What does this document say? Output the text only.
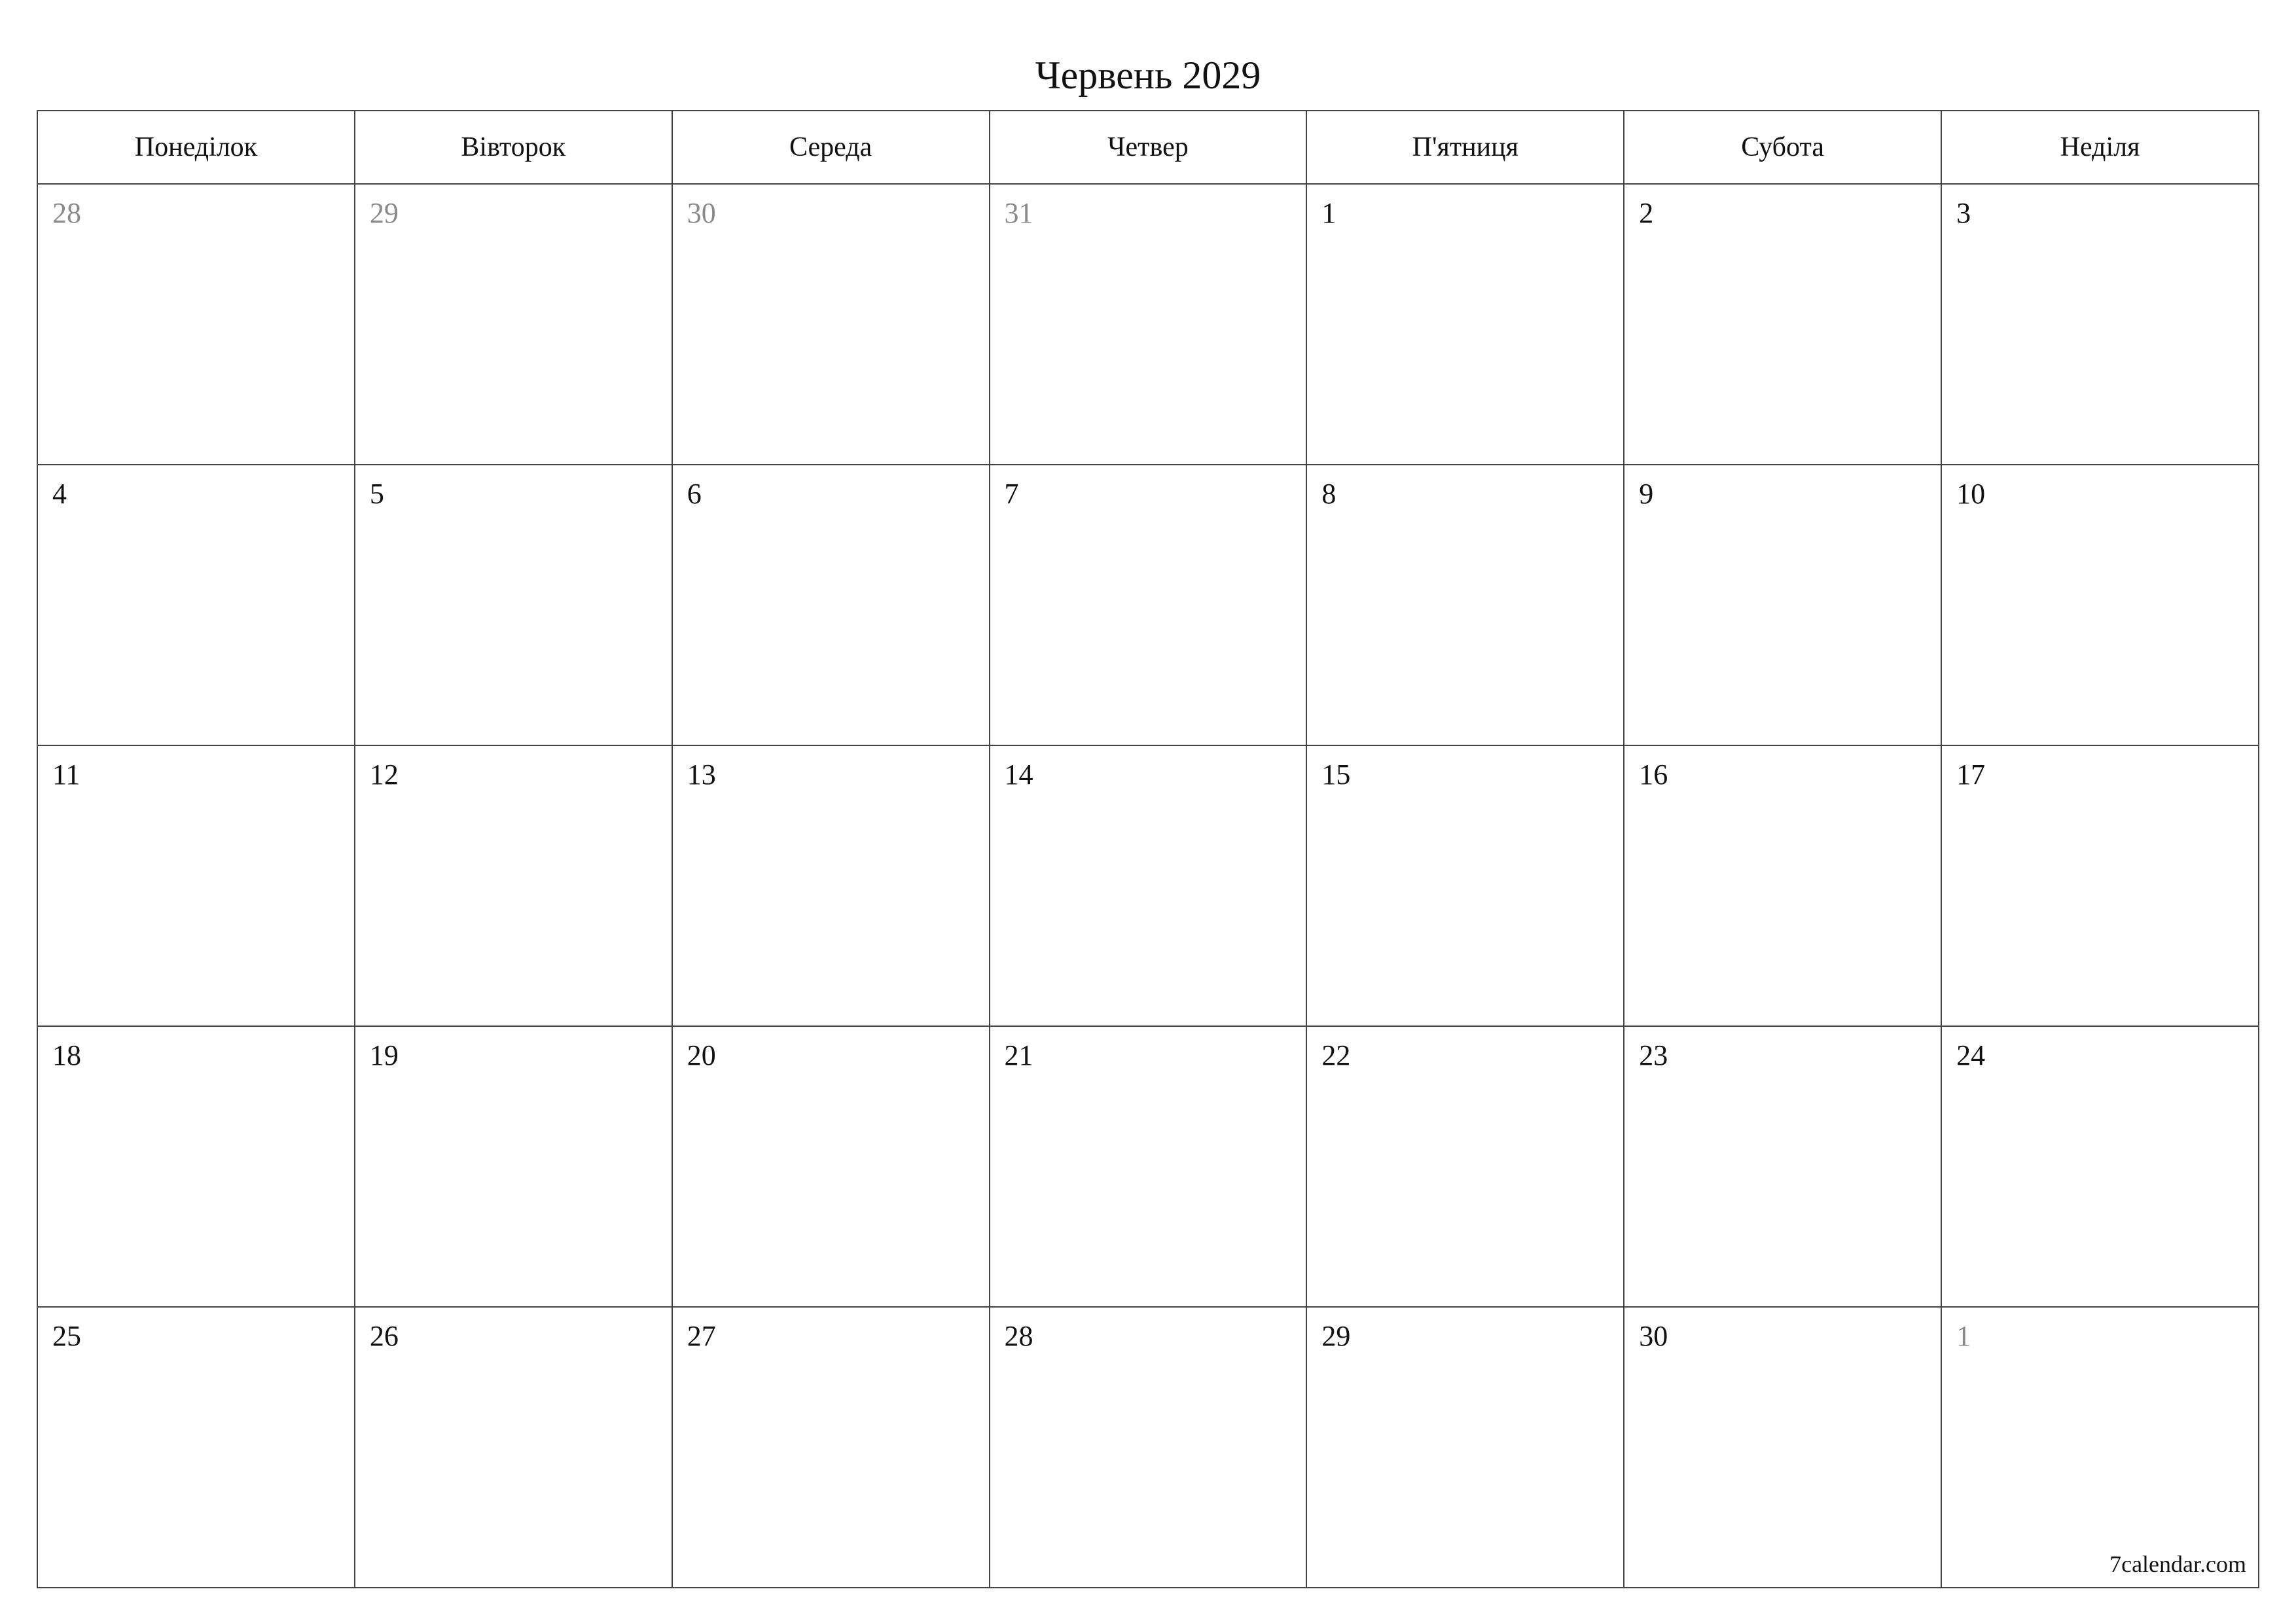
Червень 2029
Понеділок	Вівторок	Середа	Четвер	П'ятниця	Субота	Неділя

28	29	30	31	1	2	3

4	5	6	7	8	9	10

11	12	13	14	15	16	17

18	19	20	21	22	23	24

25	26	27	28	29	30	1
7calendar.com
